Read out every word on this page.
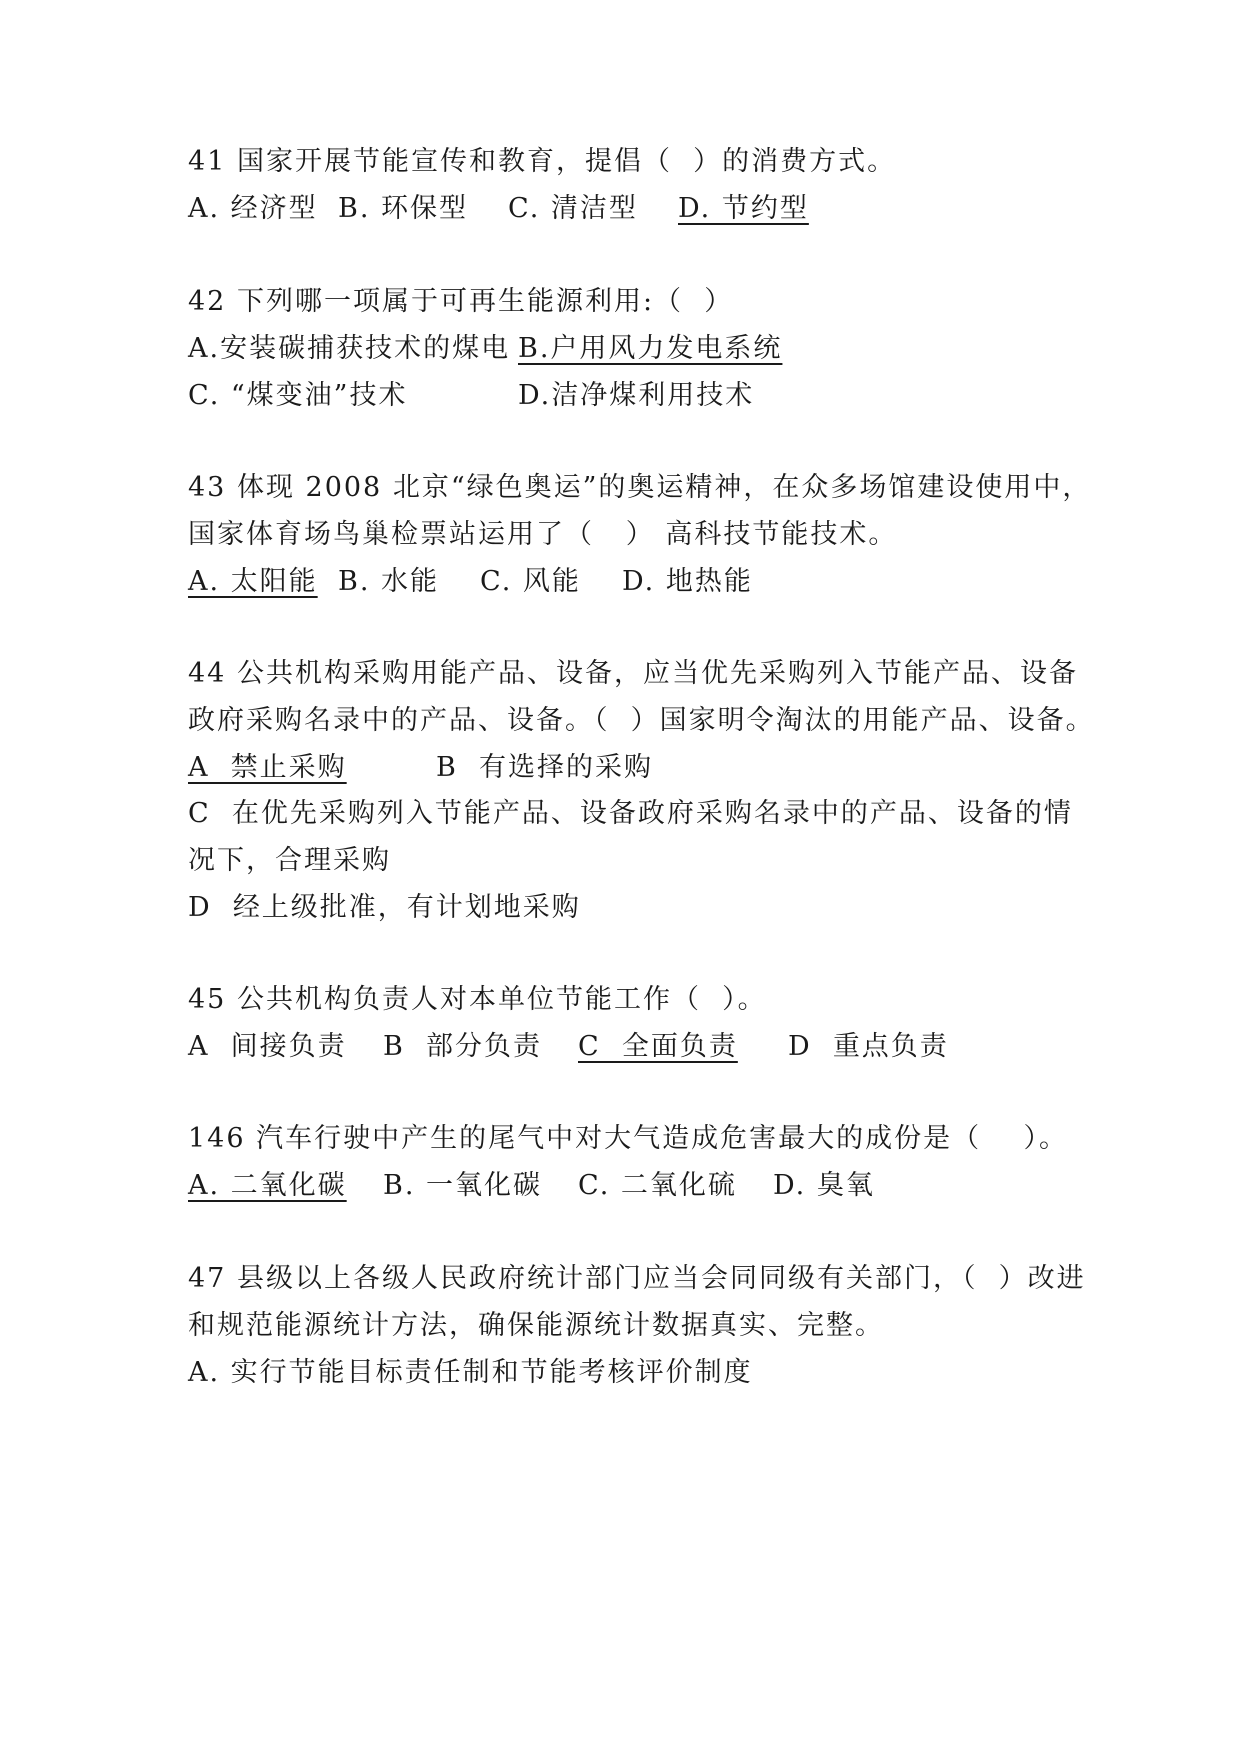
41 国家开展节能宣传和教育，提倡（  ）的消费方式。

A. 经济型

B. 环保型

C. 清洁型

D. 节约型

42 下列哪一项属于可再生能源利用:（  ）

A.安装碳捕获技术的煤电

B.户用风力发电系统

C. “煤变油”技术

	D.洁净煤利用技术

43 体现 2008 北京“绿色奥运”的奥运精神，在众多场馆建设使用中，
国家体育场鸟巢检票站运用了（   ） 高科技节能技术。

A. 太阳能

B. 水能

C. 风能

D. 地热能

44 公共机构采购用能产品、设备，应当优先采购列入节能产品、设备
政府采购名录中的产品、设备。（  ）国家明令淘汰的用能产品、设备。

A  禁止采购

	B  有选择的采购

C  在优先采购列入节能产品、设备政府采购名录中的产品、设备的情
况下，合理采购
D  经上级批准，有计划地采购
45 公共机构负责人对本单位节能工作（  ）。

A  间接负责

B  部分负责

C  全面负责

D  重点负责

146 汽车行驶中产生的尾气中对大气造成危害最大的成份是（    ）。

A. 二氧化碳

B. 一氧化碳

C. 二氧化硫

D. 臭氧

47 县级以上各级人民政府统计部门应当会同同级有关部门，（  ）改进
和规范能源统计方法，确保能源统计数据真实、完整。
A. 实行节能目标责任制和节能考核评价制度
